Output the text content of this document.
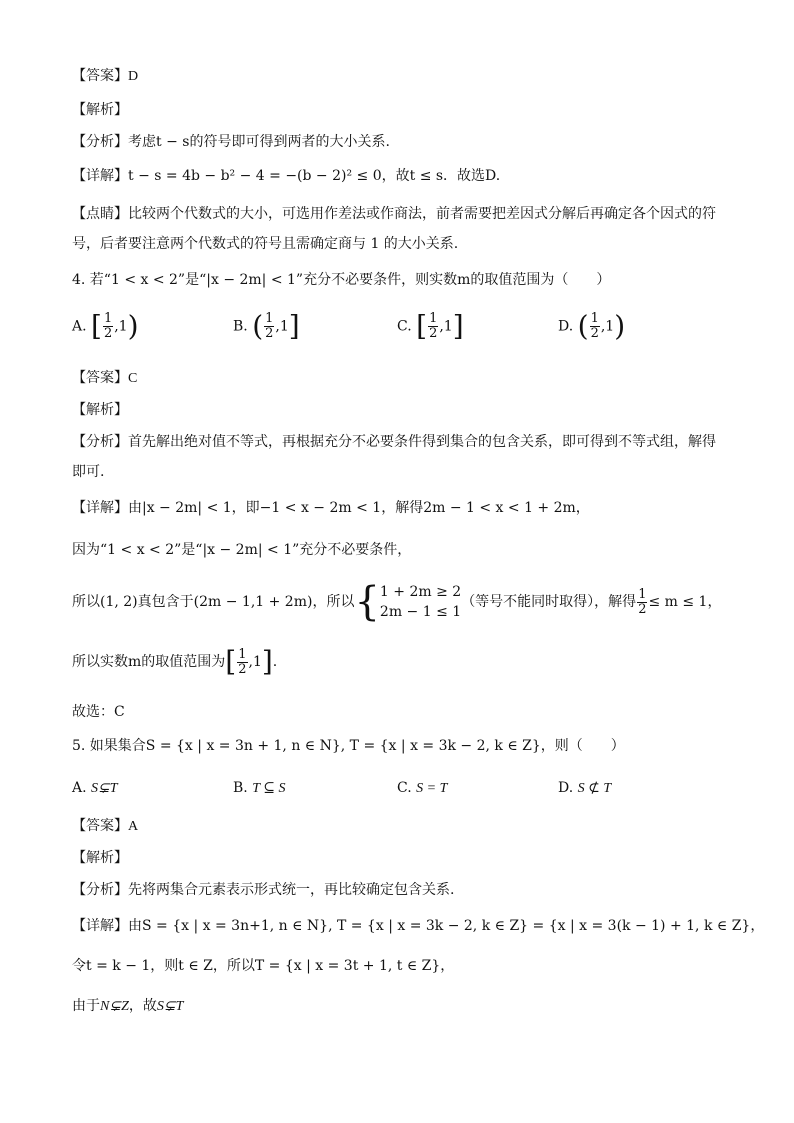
【答案】D
【解析】
【分析】考虑t − s的符号即可得到两者的大小关系.
【详解】t − s = 4b − b² − 4 = −(b − 2)² ≤ 0，故t ≤ s．故选D.
【点睛】比较两个代数式的大小，可选用作差法或作商法，前者需要把差因式分解后再确定各个因式的符
号，后者要注意两个代数式的符号且需确定商与 1 的大小关系.
4. 若“1 < x < 2”是“|x − 2m| < 1”充分不必要条件，则实数m的取值范围为（　　）
A. [ $\frac{1}{2} ,1$)	B. ( $\frac{1}{2} ,1$]	C. [ $\frac{1}{2} ,1$]	D. ( $\frac{1}{2} ,1$)
【答案】C
【解析】
【分析】首先解出绝对值不等式，再根据充分不必要条件得到集合的包含关系，即可得到不等式组，解得
即可.
【详解】由|x − 2m| < 1，即−1 < x − 2m < 1，解得2m − 1 < x < 1 + 2m，
因为“1 < x < 2”是“|x − 2m| < 1”充分不必要条件，
所以(1, 2)真包含于(2m − 1,1 + 2m)，所以{ 1 + 2m ≥ 2
2m − 1 ≤ 1
（等号不能同时取得），解得 $\frac{1}{2} \le m \le 1$，
所以实数m的取值范围为[ $\frac{1}{2} ,1$].
故选：C
5. 如果集合S = {x | x = 3n + 1, n ∈ N}, T = {x | x = 3k − 2, k ∈ Z}，则（　　）
A. S⊊T	B. T ⊆ S	C. S = T	D. S ⊄ T
【答案】A
【解析】
【分析】先将两集合元素表示形式统一，再比较确定包含关系.
【详解】由S = {x | x = 3n+1, n ∈ N}, T = {x | x = 3k − 2, k ∈ Z} = {x | x = 3(k − 1) + 1, k ∈ Z}，
令t = k − 1，则t ∈ Z，所以T = {x | x = 3t + 1, t ∈ Z}，
由于N⊊Z，故S⊊T
